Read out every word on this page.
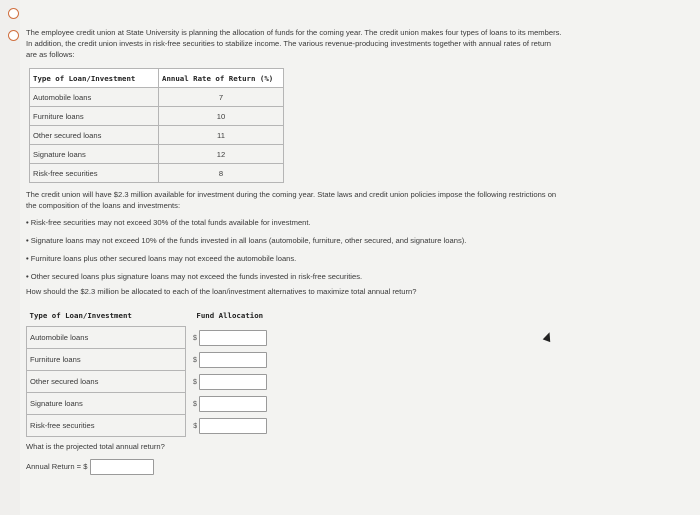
The employee credit union at State University is planning the allocation of funds for the coming year. The credit union makes four types of loans to its members.

In addition, the credit union invests in risk-free securities to stabilize income. The various revenue-producing investments together with annual rates of return

are as follows:

Type of Loan/Investment	Annual Rate of Return (%)
Automobile loans	7
Furniture loans	10
Other secured loans	11
Signature loans	12
Risk-free securities	8
The credit union will have $2.3 million available for investment during the coming year. State laws and credit union policies impose the following restrictions on
the composition of the loans and investments:
• Risk-free securities may not exceed 30% of the total funds available for investment.
• Signature loans may not exceed 10% of the funds invested in all loans (automobile, furniture, other secured, and signature loans).
• Furniture loans plus other secured loans may not exceed the automobile loans.
• Other secured loans plus signature loans may not exceed the funds invested in risk-free securities.
How should the $2.3 million be allocated to each of the loan/investment alternatives to maximize total annual return?
Type of Loan/Investment	Fund Allocation
Automobile loans	$
Furniture loans	$
Other secured loans	$
Signature loans	$
Risk-free securities	$
What is the projected total annual return?
Annual Return = $
